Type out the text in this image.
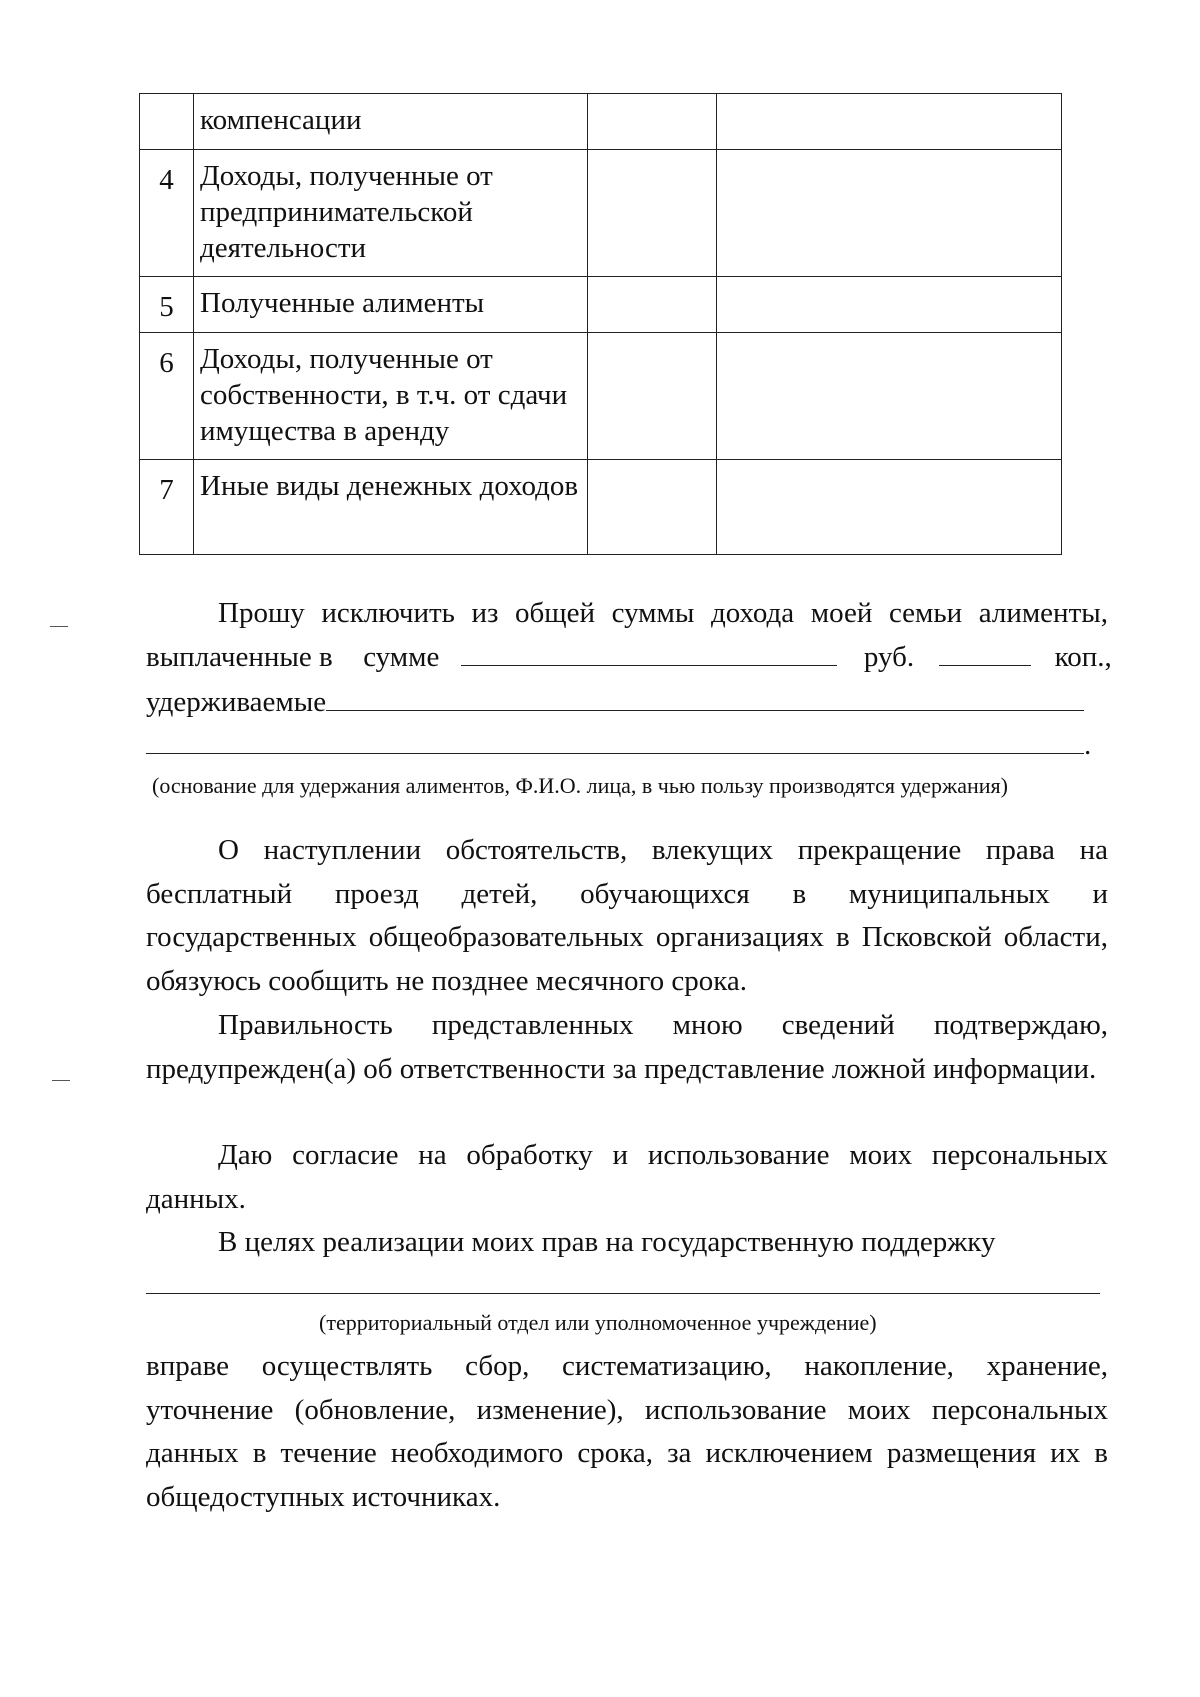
	компенсации		
4	Доходы, полученные от предпринимательской деятельности		
5	Полученные алименты		
6	Доходы, полученные от собственности, в т.ч. от сдачи имущества в аренду		
7	Иные виды денежных доходов		
Прошу исключить из общей суммы дохода моей семьи алименты,
выплаченные в сумме	руб.	коп.,
удерживаемые
.
(основание для удержания алиментов, Ф.И.О. лица, в чью пользу производятся удержания)
О наступлении обстоятельств, влекущих прекращение права на бесплатный проезд детей, обучающихся в муниципальных и государственных общеобразовательных организациях в Псковской области, обязуюсь сообщить не позднее месячного срока.
Правильность представленных мною сведений подтверждаю, предупрежден(а) об ответственности за представление ложной информации.
Даю согласие на обработку и использование моих персональных данных.
В целях реализации моих прав на государственную поддержку
(территориальный отдел или уполномоченное учреждение)
вправе осуществлять сбор, систематизацию, накопление, хранение, уточнение (обновление, изменение), использование моих персональных данных в течение необходимого срока, за исключением размещения их в общедоступных источниках.
